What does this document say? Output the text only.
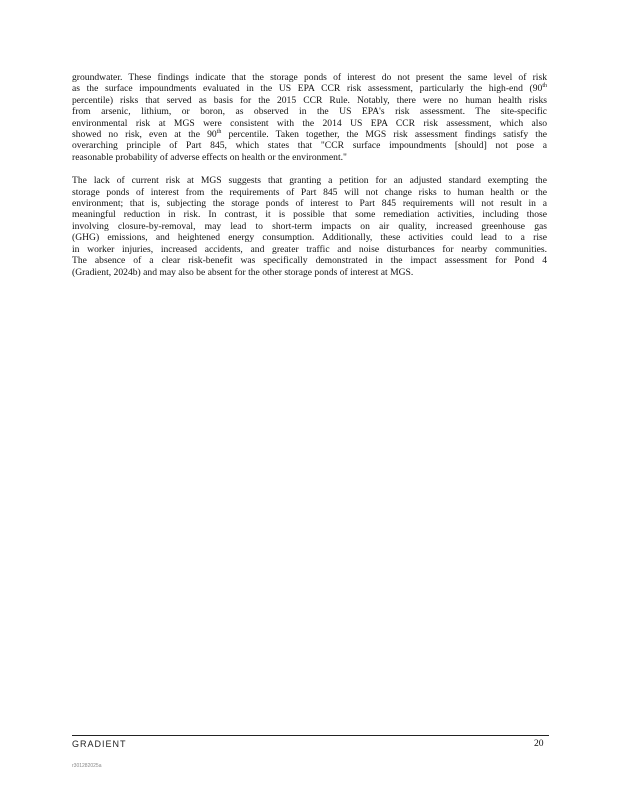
groundwater. These findings indicate that the storage ponds of interest do not present the same level of risk
as the surface impoundments evaluated in the US EPA CCR risk assessment, particularly the high-end (90th
percentile) risks that served as basis for the 2015 CCR Rule. Notably, there were no human health risks
from arsenic, lithium, or boron, as observed in the US EPA's risk assessment. The site-specific
environmental risk at MGS were consistent with the 2014 US EPA CCR risk assessment, which also
showed no risk, even at the 90th percentile. Taken together, the MGS risk assessment findings satisfy the
overarching principle of Part 845, which states that "CCR surface impoundments [should] not pose a
reasonable probability of adverse effects on health or the environment."

The lack of current risk at MGS suggests that granting a petition for an adjusted standard exempting the
storage ponds of interest from the requirements of Part 845 will not change risks to human health or the
environment; that is, subjecting the storage ponds of interest to Part 845 requirements will not result in a
meaningful reduction in risk. In contrast, it is possible that some remediation activities, including those
involving closure-by-removal, may lead to short-term impacts on air quality, increased greenhouse gas
(GHG) emissions, and heightened energy consumption. Additionally, these activities could lead to a rise
in worker injuries, increased accidents, and greater traffic and noise disturbances for nearby communities.
The absence of a clear risk-benefit was specifically demonstrated in the impact assessment for Pond 4
(Gradient, 2024b) and may also be absent for the other storage ponds of interest at MGS.

GRADIENT	20
r301282025a
